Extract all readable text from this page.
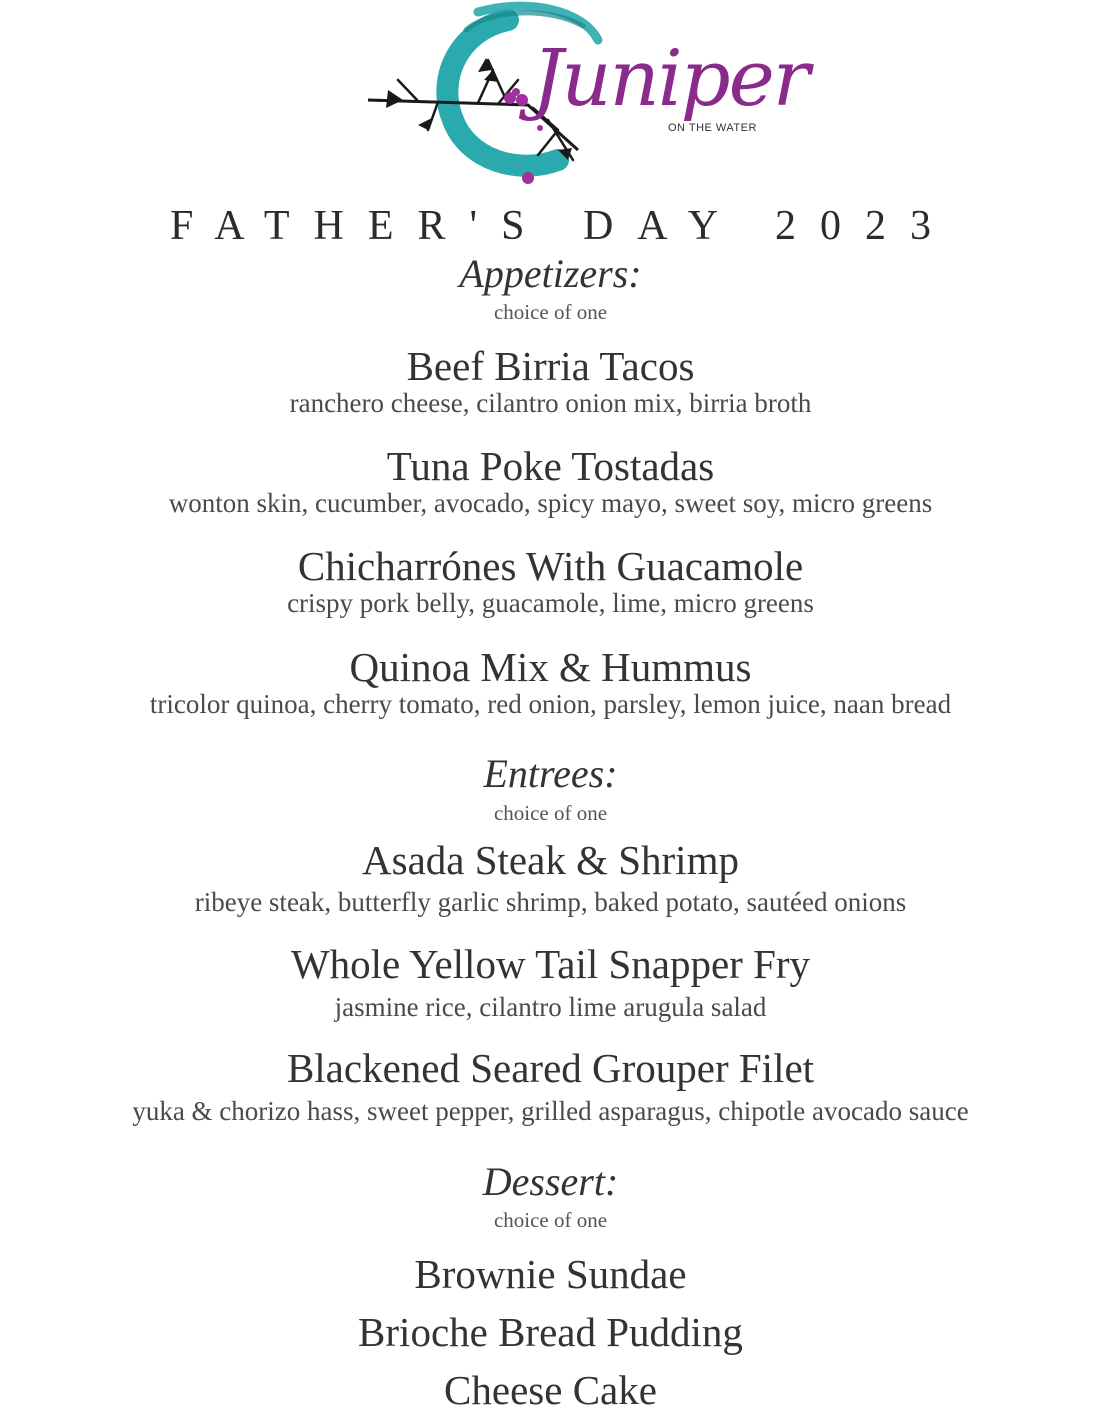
Juniper
ON THE WATER
FATHER'S DAY 2023
Appetizers:
choice of one
Beef Birria Tacos
ranchero cheese, cilantro onion mix, birria broth
Tuna Poke Tostadas
wonton skin, cucumber, avocado, spicy mayo, sweet soy, micro greens
Chicharrónes With Guacamole
crispy pork belly, guacamole, lime, micro greens
Quinoa Mix & Hummus
tricolor quinoa, cherry tomato, red onion, parsley, lemon juice, naan bread
Entrees:
choice of one
Asada Steak & Shrimp
ribeye steak, butterfly garlic shrimp, baked potato, sautéed onions
Whole Yellow Tail Snapper Fry
jasmine rice, cilantro lime arugula salad
Blackened Seared Grouper Filet
yuka & chorizo hass, sweet pepper, grilled asparagus, chipotle avocado sauce
Dessert:
choice of one
Brownie Sundae
Brioche Bread Pudding
Cheese Cake
